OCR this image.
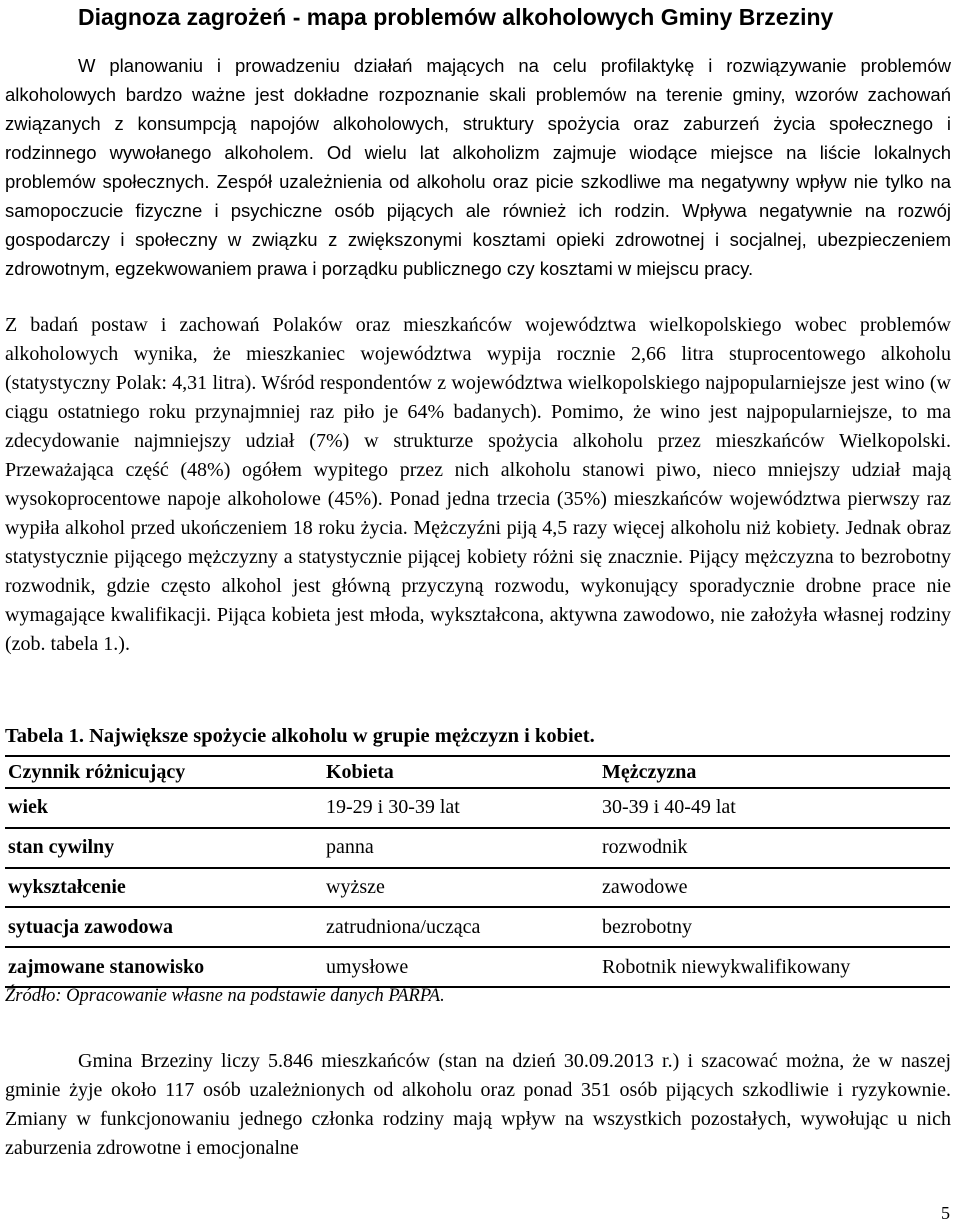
Diagnoza zagrożeń - mapa problemów alkoholowych Gminy Brzeziny

W planowaniu i prowadzeniu działań mających na celu profilaktykę i rozwiązywanie problemów alkoholowych bardzo ważne jest dokładne rozpoznanie skali problemów na terenie gminy, wzorów zachowań związanych z konsumpcją napojów alkoholowych, struktury spożycia oraz zaburzeń życia społecznego i rodzinnego wywołanego alkoholem. Od wielu lat alkoholizm zajmuje wiodące miejsce na liście lokalnych problemów społecznych. Zespół uzależnienia od alkoholu oraz picie szkodliwe ma negatywny wpływ nie tylko na samopoczucie fizyczne i psychiczne osób pijących ale również ich rodzin. Wpływa negatywnie na rozwój gospodarczy i społeczny w związku z zwiększonymi kosztami opieki zdrowotnej i socjalnej, ubezpieczeniem zdrowotnym, egzekwowaniem prawa i porządku publicznego czy kosztami w miejscu pracy.

Z badań postaw i zachowań Polaków oraz mieszkańców województwa wielkopolskiego wobec problemów alkoholowych wynika, że mieszkaniec województwa wypija rocznie 2,66 litra stuprocentowego alkoholu (statystyczny Polak: 4,31 litra). Wśród respondentów z województwa wielkopolskiego najpopularniejsze jest wino (w ciągu ostatniego roku przynajmniej raz piło je 64% badanych). Pomimo, że wino jest najpopularniejsze, to ma zdecydowanie najmniejszy udział (7%) w strukturze spożycia alkoholu przez mieszkańców Wielkopolski. Przeważająca część (48%) ogółem wypitego przez nich alkoholu stanowi piwo, nieco mniejszy udział mają wysokoprocentowe napoje alkoholowe (45%). Ponad jedna trzecia (35%) mieszkańców województwa pierwszy raz wypiła alkohol przed ukończeniem 18 roku życia. Mężczyźni piją 4,5 razy więcej alkoholu niż kobiety. Jednak obraz statystycznie pijącego mężczyzny a statystycznie pijącej kobiety różni się znacznie. Pijący mężczyzna to bezrobotny rozwodnik, gdzie często alkohol jest główną przyczyną rozwodu, wykonujący sporadycznie drobne prace nie wymagające kwalifikacji. Pijąca kobieta jest młoda, wykształcona, aktywna zawodowo, nie założyła własnej rodziny (zob. tabela 1.).

Tabela 1. Największe spożycie alkoholu w grupie mężczyzn i kobiet.
Czynnik różnicujący	Kobieta	Mężczyzna
wiek	19-29 i 30-39 lat	30-39 i 40-49 lat
stan cywilny	panna	rozwodnik
wykształcenie	wyższe	zawodowe
sytuacja zawodowa	zatrudniona/ucząca	bezrobotny
zajmowane stanowisko	umysłowe	Robotnik niewykwalifikowany
Źródło: Opracowanie własne na podstawie danych PARPA.

Gmina Brzeziny liczy 5.846 mieszkańców (stan na dzień 30.09.2013 r.) i szacować można, że w naszej gminie żyje około 117 osób uzależnionych od alkoholu oraz ponad 351 osób pijących szkodliwie i ryzykownie. Zmiany w funkcjonowaniu jednego członka rodziny mają wpływ na wszystkich pozostałych, wywołując u nich zaburzenia zdrowotne i emocjonalne

5
